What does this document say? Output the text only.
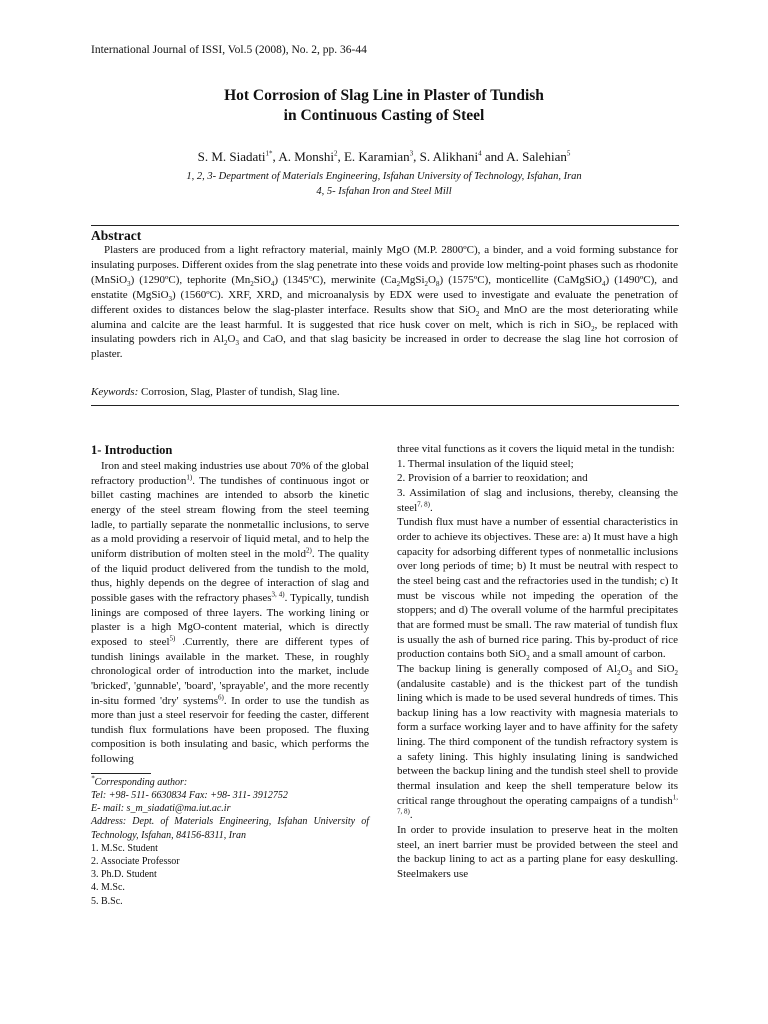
International Journal of ISSI, Vol.5 (2008), No. 2, pp. 36-44
Hot Corrosion of Slag Line in Plaster of Tundish
in Continuous Casting of Steel
S. M. Siadati$^{1*}$, A. Monshi$^2$, E. Karamian$^3$, S. Alikhani$^4$ and A. Salehian$^5$
1, 2, 3- Department of Materials Engineering, Isfahan University of Technology, Isfahan, Iran
4, 5- Isfahan Iron and Steel Mill
Abstract
Plasters are produced from a light refractory material, mainly MgO (M.P. 2800ºC), a binder, and a void forming substance for insulating purposes. Different oxides from the slag penetrate into these voids and provide low melting-point phases such as rhodonite (MnSiO$_3$) (1290ºC), tephorite $(Mn_2SiO_4)$ (1345ºC), merwinite $(Ca_2MgSi_2O_8)$ (1575ºC), monticellite (CaMgSiO$_4$) (1490ºC), and enstatite (MgSiO$_3$) (1560ºC). XRF, XRD, and microanalysis by EDX were used to investigate and evaluate the penetration of different oxides to distances below the slag-plaster interface. Results show that SiO$_2$ and MnO are the most deteriorating while alumina and calcite are the least harmful. It is suggested that rice husk cover on melt, which is rich in SiO$_2$, be replaced with insulating powders rich in $Al_2O_3$ and CaO, and that slag basicity be increased in order to decrease the slag line hot corrosion of plaster.
Keywords: Corrosion, Slag, Plaster of tundish, Slag line.
1- Introduction

Iron and steel making industries use about 70% of the global refractory production$^{1)}$. The tundishes of continuous ingot or billet casting machines are intended to absorb the kinetic energy of the steel stream flowing from the steel teeming ladle, to partially separate the nonmetallic inclusions, to serve as a mold providing a reservoir of liquid metal, and to help the uniform distribution of molten steel in the mold$^{2)}$. The quality of the liquid product delivered from the tundish to the mold, thus, highly depends on the degree of interaction of slag and possible gases with the refractory phases$^{3, 4)}$. Typically, tundish linings are composed of three layers. The working lining or plaster is a high MgO-content material, which is directly exposed to steel$^{5)}$ .Currently, there are different types of tundish linings available in the market. These, in roughly chronological order of introduction into the market, include 'bricked', 'gunnable', 'board', 'sprayable', and the more recently in-situ formed 'dry' systems$^{6)}$. In order to use the tundish as more than just a steel reservoir for feeding the caster, different tundish flux formulations have been proposed. The fluxing composition is both insulating and basic, which performs the following

*Corresponding author:

Tel: +98- 511- 6630834 Fax: +98- 311- 3912752

E- mail: s_m_siadati@ma.iut.ac.ir

Address: Dept. of Materials Engineering, Isfahan University of Technology, Isfahan, 84156-8311, Iran

1. M.Sc. Student

2. Associate Professor

3. Ph.D. Student

4. M.Sc.

5. B.Sc.

three vital functions as it covers the liquid metal in the tundish:

1. Thermal insulation of the liquid steel;

2. Provision of a barrier to reoxidation; and

3. Assimilation of slag and inclusions, thereby, cleansing the steel$^{7, 8)}$.

Tundish flux must have a number of essential characteristics in order to achieve its objectives. These are: a) It must have a high capacity for adsorbing different types of nonmetallic inclusions over long periods of time; b) It must be neutral with respect to the steel being cast and the refractories used in the tundish; c) It must be viscous while not impeding the operation of the stoppers; and d) The overall volume of the harmful precipitates that are formed must be small. The raw material of tundish flux is usually the ash of burned rice paring. This by-product of rice production contains both SiO$_2$ and a small amount of carbon.

The backup lining is generally composed of $Al_2O_3$ and SiO$_2$ (andalusite castable) and is the thickest part of the tundish lining which is made to be used several hundreds of times. This backup lining has a low reactivity with magnesia materials to form a surface working layer and to have affinity for the safety lining. The third component of the tundish refractory system is a safety lining. This highly insulating lining is sandwiched between the backup lining and the tundish steel shell to provide thermal insulation and keep the shell temperature below its critical range throughout the operating campaigns of a tundish$^{1, 7, 8)}$.

In order to provide insulation to preserve heat in the molten steel, an inert barrier must be provided between the steel and the backup lining to act as a parting plane for easy deskulling. Steelmakers use
